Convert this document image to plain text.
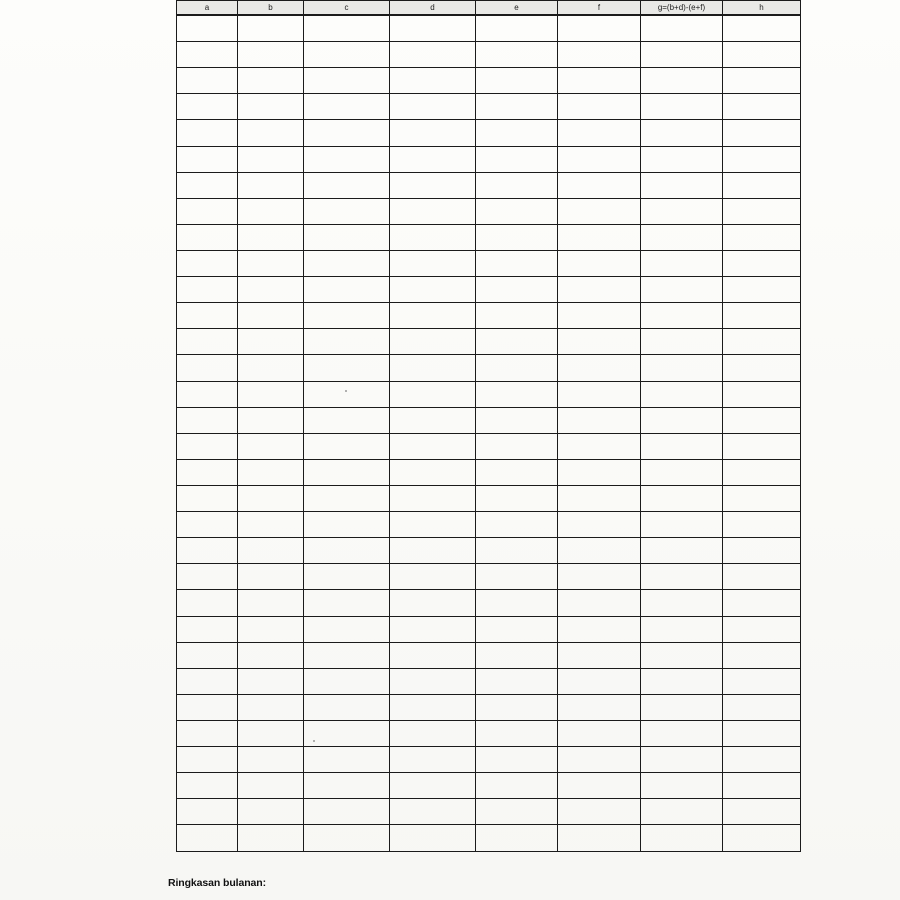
a	b	c	d	e	f	g=(b+d)-(e+f)	h

Ringkasan bulanan:
